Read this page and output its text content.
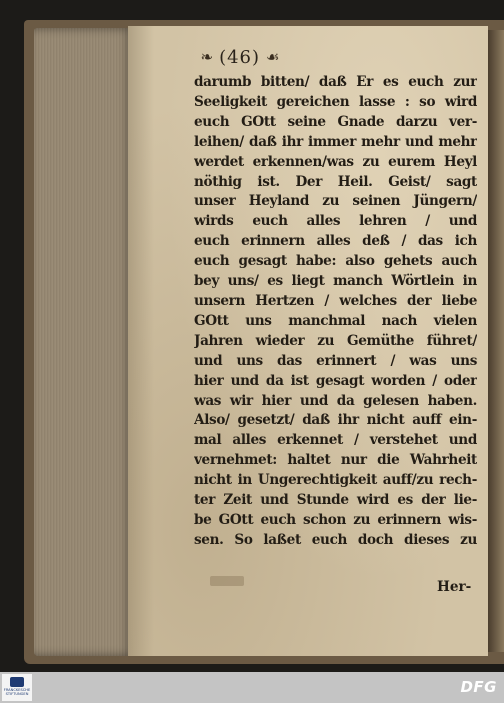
❧ (46) ☙
darumb bitten/ daß Er es euch zur
Seeligkeit gereichen lasse : so wird
euch GOtt seine Gnade darzu ver-
leihen/ daß ihr immer mehr und mehr
werdet erkennen/was zu eurem Heyl
nöthig ist. Der Heil. Geist/ sagt
unser Heyland zu seinen Jüngern/
wirds euch alles lehren / und
euch erinnern alles deß / das ich
euch gesagt habe: also gehets auch
bey uns/ es liegt manch Wörtlein in
unsern Hertzen / welches der liebe
GOtt uns manchmal nach vielen
Jahren wieder zu Gemüthe führet/
und uns das erinnert / was uns
hier und da ist gesagt worden / oder
was wir hier und da gelesen haben.
Also/ gesetzt/ daß ihr nicht auff ein-
mal alles erkennet / verstehet und
vernehmet: haltet nur die Wahrheit
nicht in Ungerechtigkeit auff/zu rech-
ter Zeit und Stunde wird es der lie-
be GOtt euch schon zu erinnern wis-
sen. So laßet euch doch dieses zu
Her-
FRANCKESCHE STIFTUNGEN	DFG
